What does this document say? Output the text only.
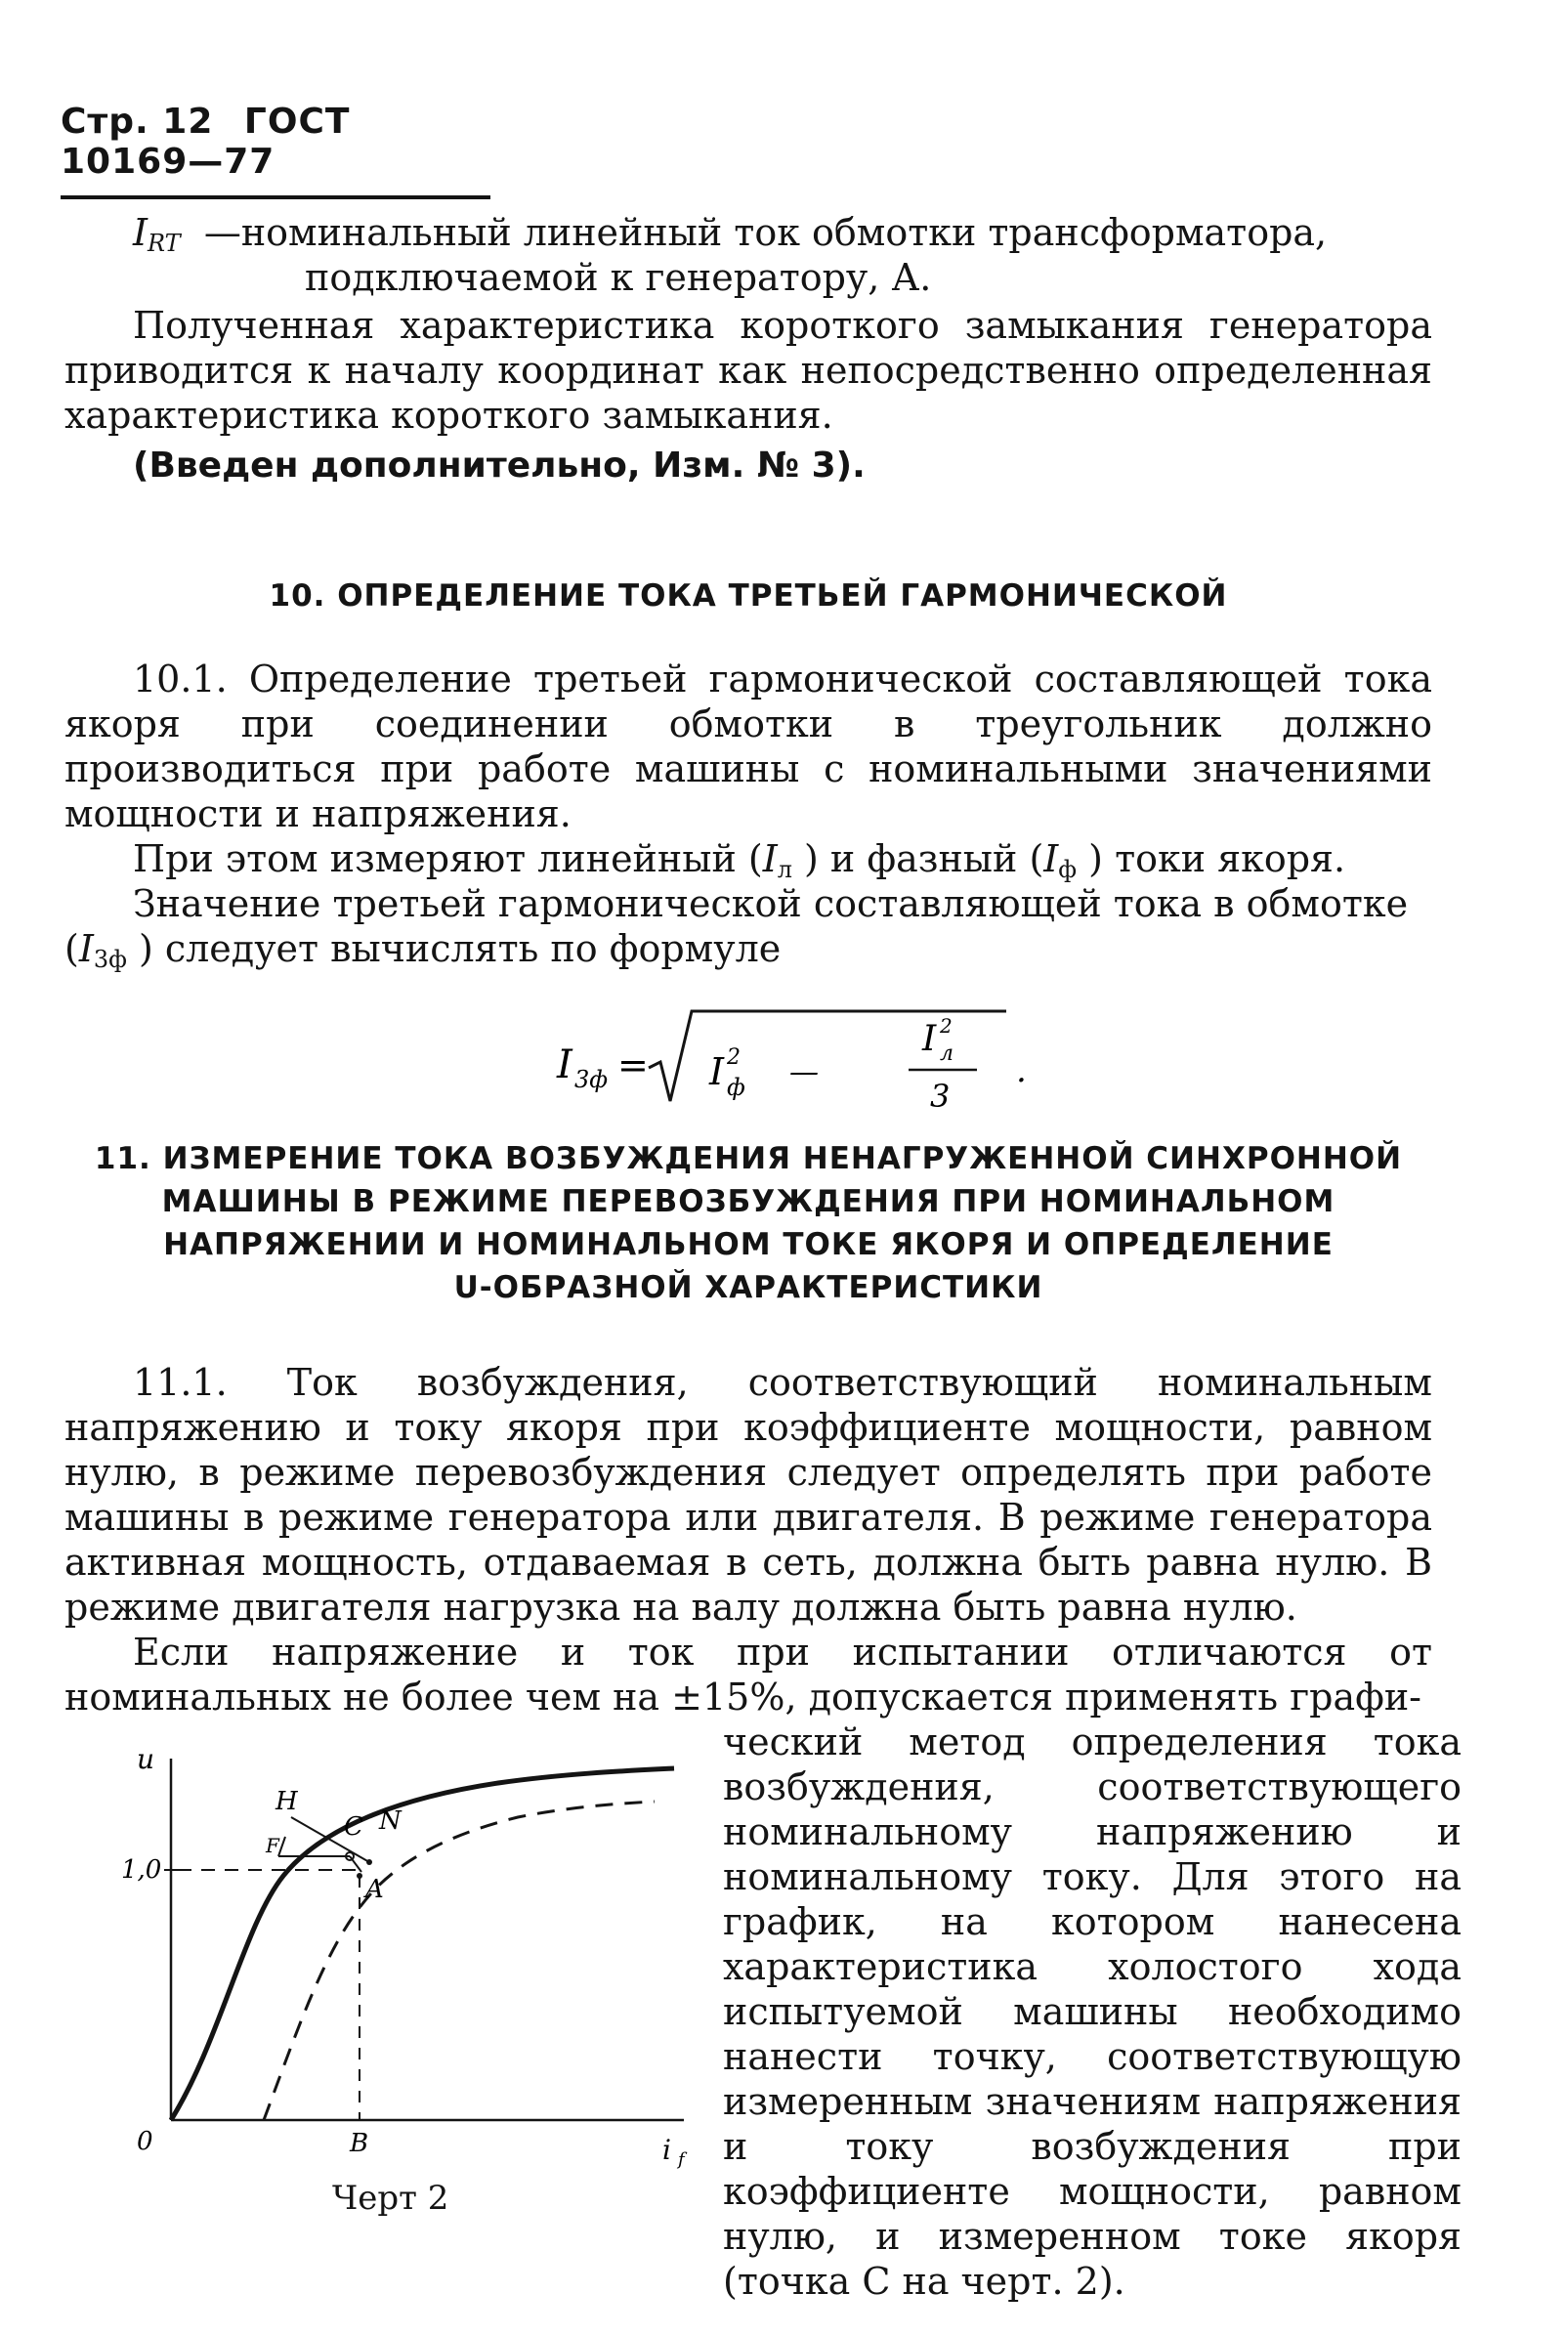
Стр. 12 ГОСТ 10169—77
$I_{RT}$ —номинальный линейный ток обмотки трансформатора,
подключаемой к генератору, А.
Полученная характеристика короткого замыкания генератора приводится к началу координат как непосредственно определенная характеристика короткого замыкания.
(Введен дополнительно, Изм. № 3).
10. ОПРЕДЕЛЕНИЕ ТОКА ТРЕТЬЕЙ ГАРМОНИЧЕСКОЙ
10.1. Определение третьей гармонической составляющей тока якоря при соединении обмотки в треугольник должно производиться при работе машины с номинальными значениями мощности и напряжения.
При этом измеряют линейный ($I_л$ ) и фазный ($I_ф$ ) токи якоря.
Значение третьей гармонической составляющей тока в обмотке
($I_{3ф}$ ) следует вычислять по формуле
I 3ф = I 2
ф —
I 2
л
3
.
11. ИЗМЕРЕНИЕ ТОКА ВОЗБУЖДЕНИЯ НЕНАГРУЖЕННОЙ СИНХРОННОЙ
МАШИНЫ В РЕЖИМЕ ПЕРЕВОЗБУЖДЕНИЯ ПРИ НОМИНАЛЬНОМ
НАПРЯЖЕНИИ И НОМИНАЛЬНОМ ТОКЕ ЯКОРЯ И ОПРЕДЕЛЕНИЕ
U-ОБРАЗНОЙ ХАРАКТЕРИСТИКИ
11.1. Ток возбуждения, соответствующий номинальным напряжению и току якоря при коэффициенте мощности, равном нулю, в режиме перевозбуждения следует определять при работе машины в режиме генератора или двигателя. В режиме генератора активная мощность, отдаваемая в сеть, должна быть равна нулю. В режиме двигателя нагрузка на валу должна быть равна нулю.
Если напряжение и ток при испытании отличаются от номинальных не более чем на ±15%, допускается применять графи-
u
i f
0
1,0
H
F
C N
A
B
Черт 2
ческий метод определения тока возбуждения, соответствующего номинальному напряжению и номинальному току. Для этого на график, на котором нанесена характеристика холостого хода испытуемой машины необходимо нанести точку, соответствующую измеренным значениям напряжения и току возбуждения при коэффициенте мощности, равном нулю, и измеренном токе якоря (точка С на черт. 2).
